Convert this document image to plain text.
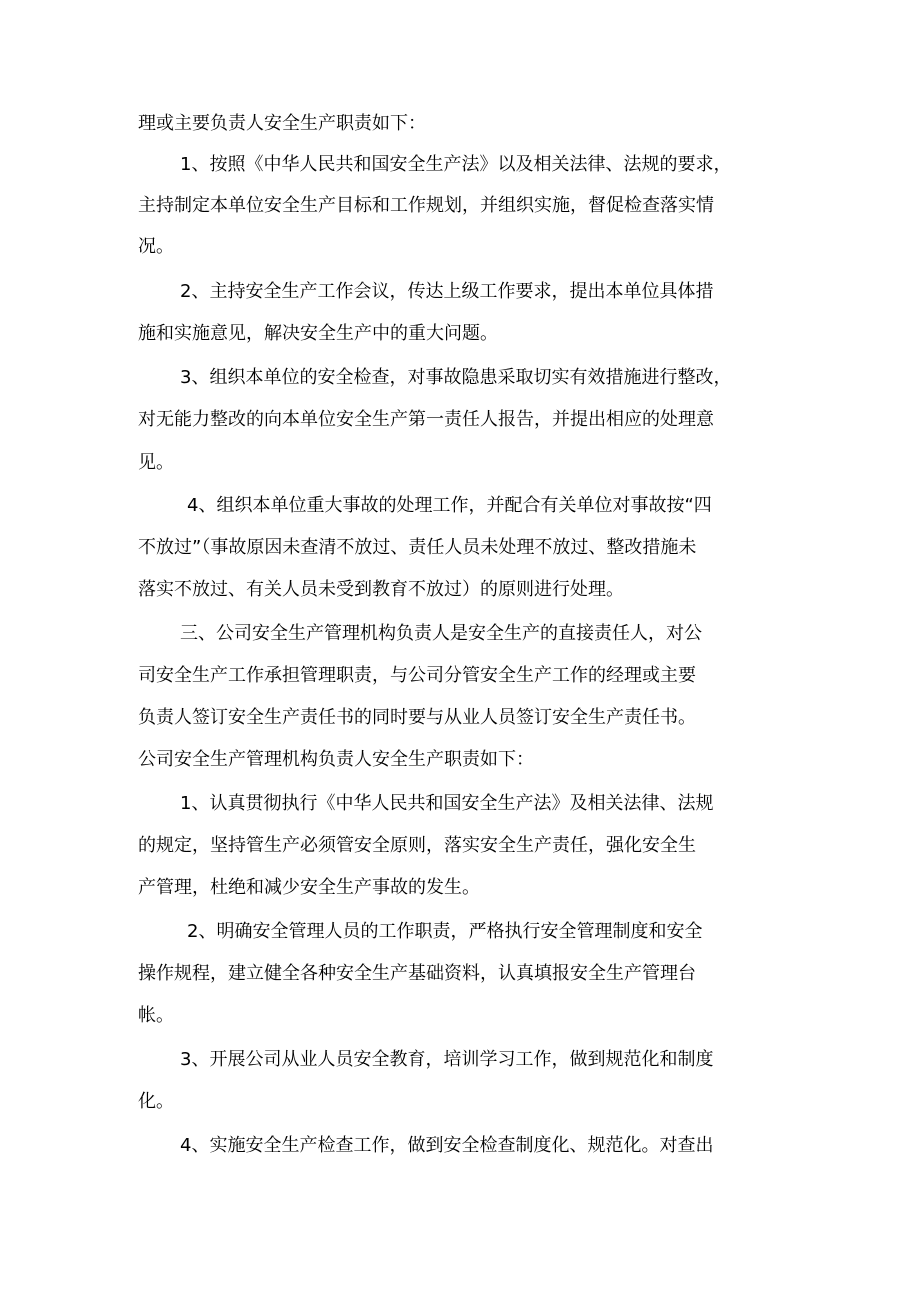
理或主要负责人安全生产职责如下：

1、按照《中华人民共和国安全生产法》以及相关法律、法规的要求，

主持制定本单位安全生产目标和工作规划，并组织实施，督促检查落实情

况。

2、主持安全生产工作会议，传达上级工作要求，提出本单位具体措

施和实施意见，解决安全生产中的重大问题。

3、组织本单位的安全检查，对事故隐患采取切实有效措施进行整改，

对无能力整改的向本单位安全生产第一责任人报告，并提出相应的处理意

见。

4、组织本单位重大事故的处理工作，并配合有关单位对事故按“四

不放过”（事故原因未查清不放过、责任人员未处理不放过、整改措施未

落实不放过、有关人员未受到教育不放过）的原则进行处理。

三、公司安全生产管理机构负责人是安全生产的直接责任人，对公

司安全生产工作承担管理职责，与公司分管安全生产工作的经理或主要

负责人签订安全生产责任书的同时要与从业人员签订安全生产责任书。

公司安全生产管理机构负责人安全生产职责如下：

1、认真贯彻执行《中华人民共和国安全生产法》及相关法律、法规

的规定，坚持管生产必须管安全原则，落实安全生产责任，强化安全生

产管理，杜绝和减少安全生产事故的发生。

2、明确安全管理人员的工作职责，严格执行安全管理制度和安全

操作规程，建立健全各种安全生产基础资料，认真填报安全生产管理台

帐。

3、开展公司从业人员安全教育，培训学习工作，做到规范化和制度

化。

4、实施安全生产检查工作，做到安全检查制度化、规范化。对查出
